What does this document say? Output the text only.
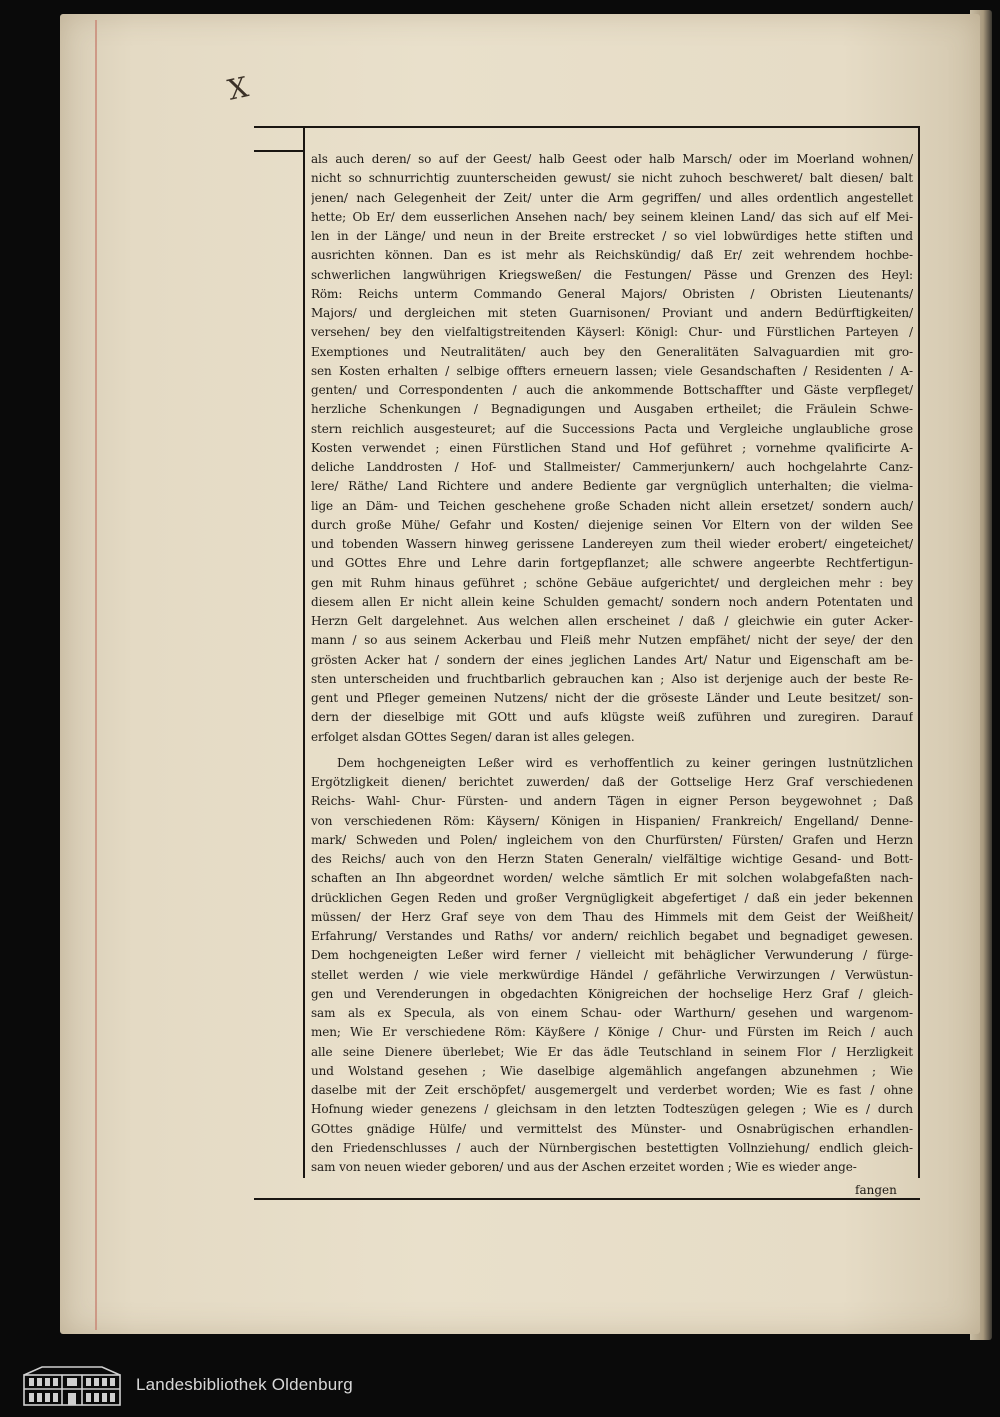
X
als auch deren/ so auf der Geest/ halb Geest oder halb Marsch/ oder im Moerland wohnen/
nicht so schnurrichtig zuunterscheiden gewust/ sie nicht zuhoch beschweret/ balt diesen/ balt
jenen/ nach Gelegenheit der Zeit/ unter die Arm gegriffen/ und alles ordentlich angestellet
hette; Ob Er/ dem eusserlichen Ansehen nach/ bey seinem kleinen Land/ das sich auf elf Mei-
len in der Länge/ und neun in der Breite erstrecket / so viel lobwürdiges hette stiften und
ausrichten können. Dan es ist mehr als Reichskündig/ daß Er/ zeit wehrendem hochbe-
schwerlichen langwührigen Kriegsweßen/ die Festungen/ Pässe und Grenzen des Heyl:
Röm: Reichs unterm Commando General Majors/ Obristen / Obristen Lieutenants/
Majors/ und dergleichen mit steten Guarnisonen/ Proviant und andern Bedürftigkeiten/
versehen/ bey den vielfaltigstreitenden Käyserl: Königl: Chur- und Fürstlichen Parteyen /
Exemptiones und Neutralitäten/ auch bey den Generalitäten Salvaguardien mit gro-
sen Kosten erhalten / selbige offters erneuern lassen; viele Gesandschaften / Residenten / A-
genten/ und Correspondenten / auch die ankommende Bottschaffter und Gäste verpfleget/
herzliche Schenkungen / Begnadigungen und Ausgaben ertheilet; die Fräulein Schwe-
stern reichlich ausgesteuret; auf die Successions Pacta und Vergleiche unglaubliche grose
Kosten verwendet ; einen Fürstlichen Stand und Hof geführet ; vornehme qvalificirte A-
deliche Landdrosten / Hof- und Stallmeister/ Cammerjunkern/ auch hochgelahrte Canz-
lere/ Räthe/ Land Richtere und andere Bediente gar vergnüglich unterhalten; die vielma-
lige an Däm- und Teichen geschehene große Schaden nicht allein ersetzet/ sondern auch/
durch große Mühe/ Gefahr und Kosten/ diejenige seinen Vor Eltern von der wilden See
und tobenden Wassern hinweg gerissene Landereyen zum theil wieder erobert/ eingeteichet/
und GOttes Ehre und Lehre darin fortgepflanzet; alle schwere angeerbte Rechtfertigun-
gen mit Ruhm hinaus geführet ; schöne Gebäue aufgerichtet/ und dergleichen mehr : bey
diesem allen Er nicht allein keine Schulden gemacht/ sondern noch andern Potentaten und
Herzn Gelt dargelehnet. Aus welchen allen erscheinet / daß / gleichwie ein guter Acker-
mann / so aus seinem Ackerbau und Fleiß mehr Nutzen empfähet/ nicht der seye/ der den
grösten Acker hat / sondern der eines jeglichen Landes Art/ Natur und Eigenschaft am be-
sten unterscheiden und fruchtbarlich gebrauchen kan ; Also ist derjenige auch der beste Re-
gent und Pfleger gemeinen Nutzens/ nicht der die gröseste Länder und Leute besitzet/ son-
dern der dieselbige mit GOtt und aufs klügste weiß zuführen und zuregiren. Darauf
erfolget alsdan GOttes Segen/ daran ist alles gelegen.
Dem hochgeneigten Leßer wird es verhoffentlich zu keiner geringen lustnützlichen
Ergötzligkeit dienen/ berichtet zuwerden/ daß der Gottselige Herz Graf verschiedenen
Reichs- Wahl- Chur- Fürsten- und andern Tägen in eigner Person beygewohnet ; Daß
von verschiedenen Röm: Käysern/ Königen in Hispanien/ Frankreich/ Engelland/ Denne-
mark/ Schweden und Polen/ ingleichem von den Churfürsten/ Fürsten/ Grafen und Herzn
des Reichs/ auch von den Herzn Staten Generaln/ vielfältige wichtige Gesand- und Bott-
schaften an Ihn abgeordnet worden/ welche sämtlich Er mit solchen wolabgefaßten nach-
drücklichen Gegen Reden und großer Vergnügligkeit abgefertiget / daß ein jeder bekennen
müssen/ der Herz Graf seye von dem Thau des Himmels mit dem Geist der Weißheit/
Erfahrung/ Verstandes und Raths/ vor andern/ reichlich begabet und begnadiget gewesen.
Dem hochgeneigten Leßer wird ferner / vielleicht mit behäglicher Verwunderung / fürge-
stellet werden / wie viele merkwürdige Händel / gefährliche Verwirzungen / Verwüstun-
gen und Verenderungen in obgedachten Königreichen der hochselige Herz Graf / gleich-
sam als ex Specula, als von einem Schau- oder Warthurn/ gesehen und wargenom-
men; Wie Er verschiedene Röm: Käyßere / Könige / Chur- und Fürsten im Reich / auch
alle seine Dienere überlebet; Wie Er das ädle Teutschland in seinem Flor / Herzligkeit
und Wolstand gesehen ; Wie daselbige algemählich angefangen abzunehmen ; Wie
daselbe mit der Zeit erschöpfet/ ausgemergelt und verderbet worden; Wie es fast / ohne
Hofnung wieder genezens / gleichsam in den letzten Todteszügen gelegen ; Wie es / durch
GOttes gnädige Hülfe/ und vermittelst des Münster- und Osnabrügischen erhandlen-
den Friedenschlusses / auch der Nürnbergischen bestettigten Vollnziehung/ endlich gleich-
sam von neuen wieder geboren/ und aus der Aschen erzeitet worden ; Wie es wieder ange-
fangen
Landesbibliothek Oldenburg
